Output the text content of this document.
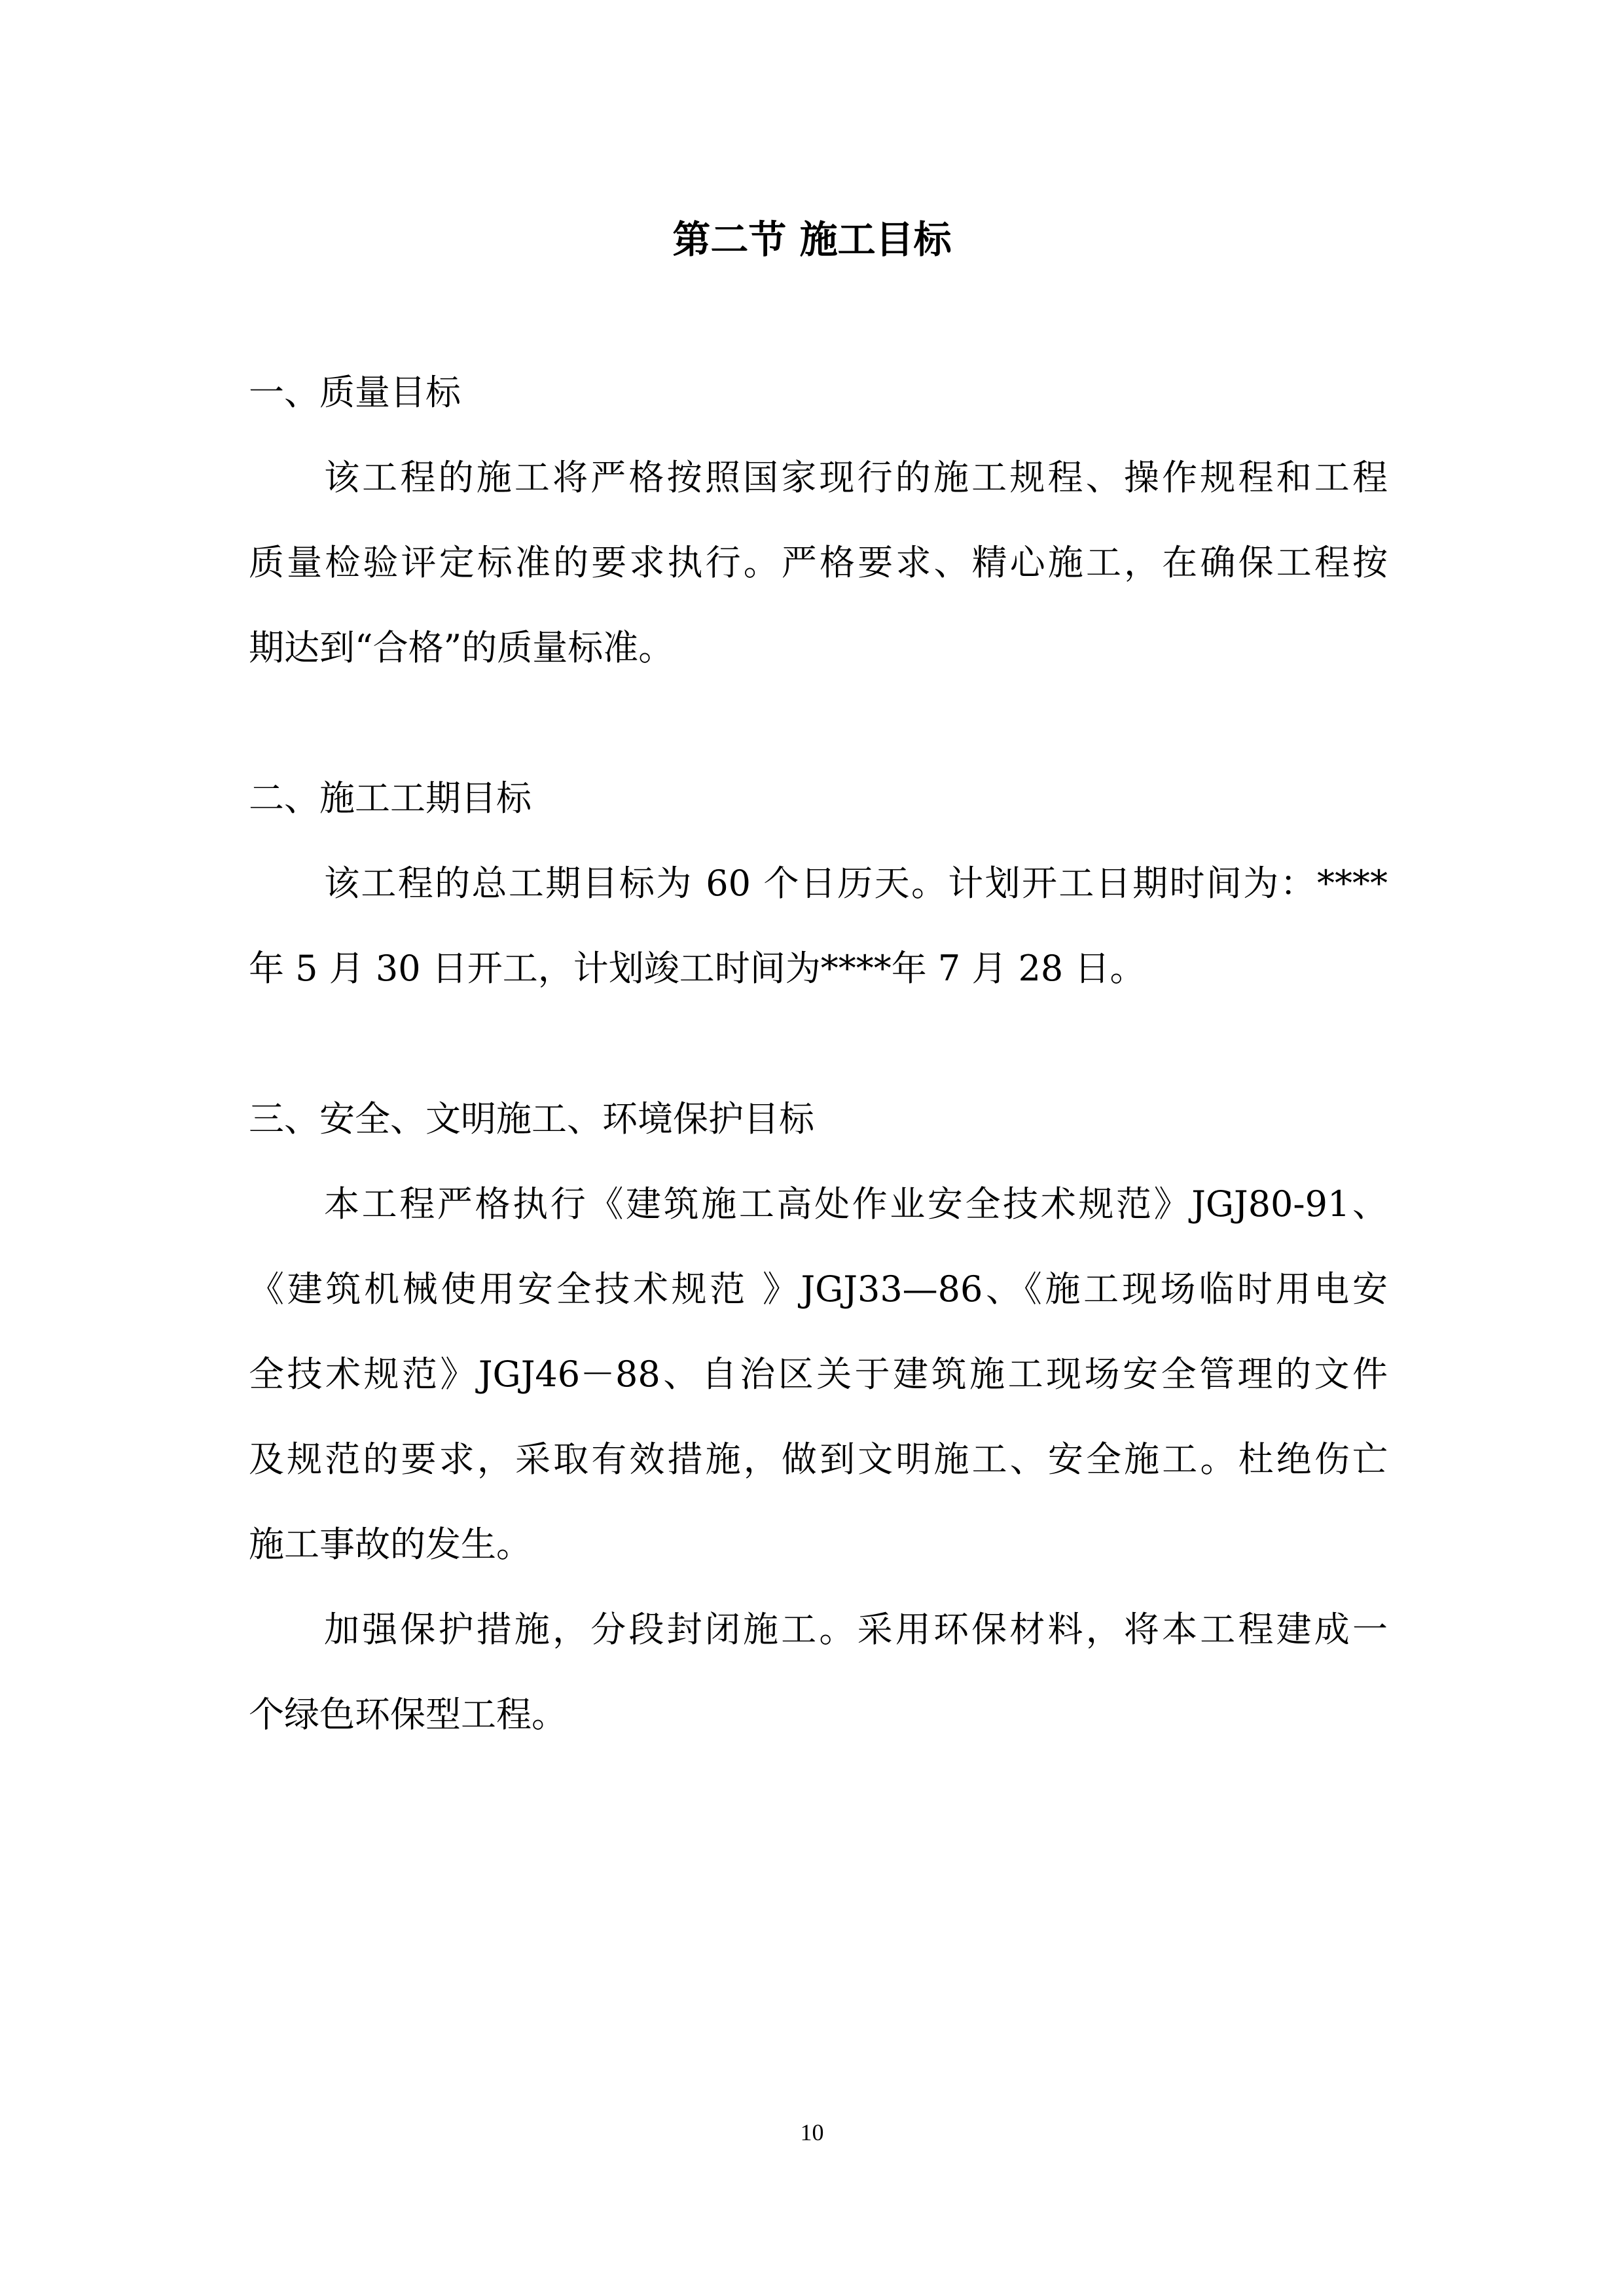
第二节 施工目标
一、质量目标
该工程的施工将严格按照国家现行的施工规程、操作规程和工程
质量检验评定标准的要求执行。严格要求、精心施工，在确保工程按
期达到“合格”的质量标准。
二、施工工期目标
该工程的总工期目标为 60 个日历天。计划开工日期时间为：****
年 5 月 30 日开工，计划竣工时间为****年 7 月 28 日。
三、安全、文明施工、环境保护目标
本工程严格执行《建筑施工高处作业安全技术规范》JGJ80-91、
《建筑机械使用安全技术规范 》JGJ33—86、《施工现场临时用电安
全技术规范》JGJ46－88、自治区关于建筑施工现场安全管理的文件
及规范的要求，采取有效措施，做到文明施工、安全施工。杜绝伤亡
施工事故的发生。
加强保护措施，分段封闭施工。采用环保材料，将本工程建成一
个绿色环保型工程。
10
